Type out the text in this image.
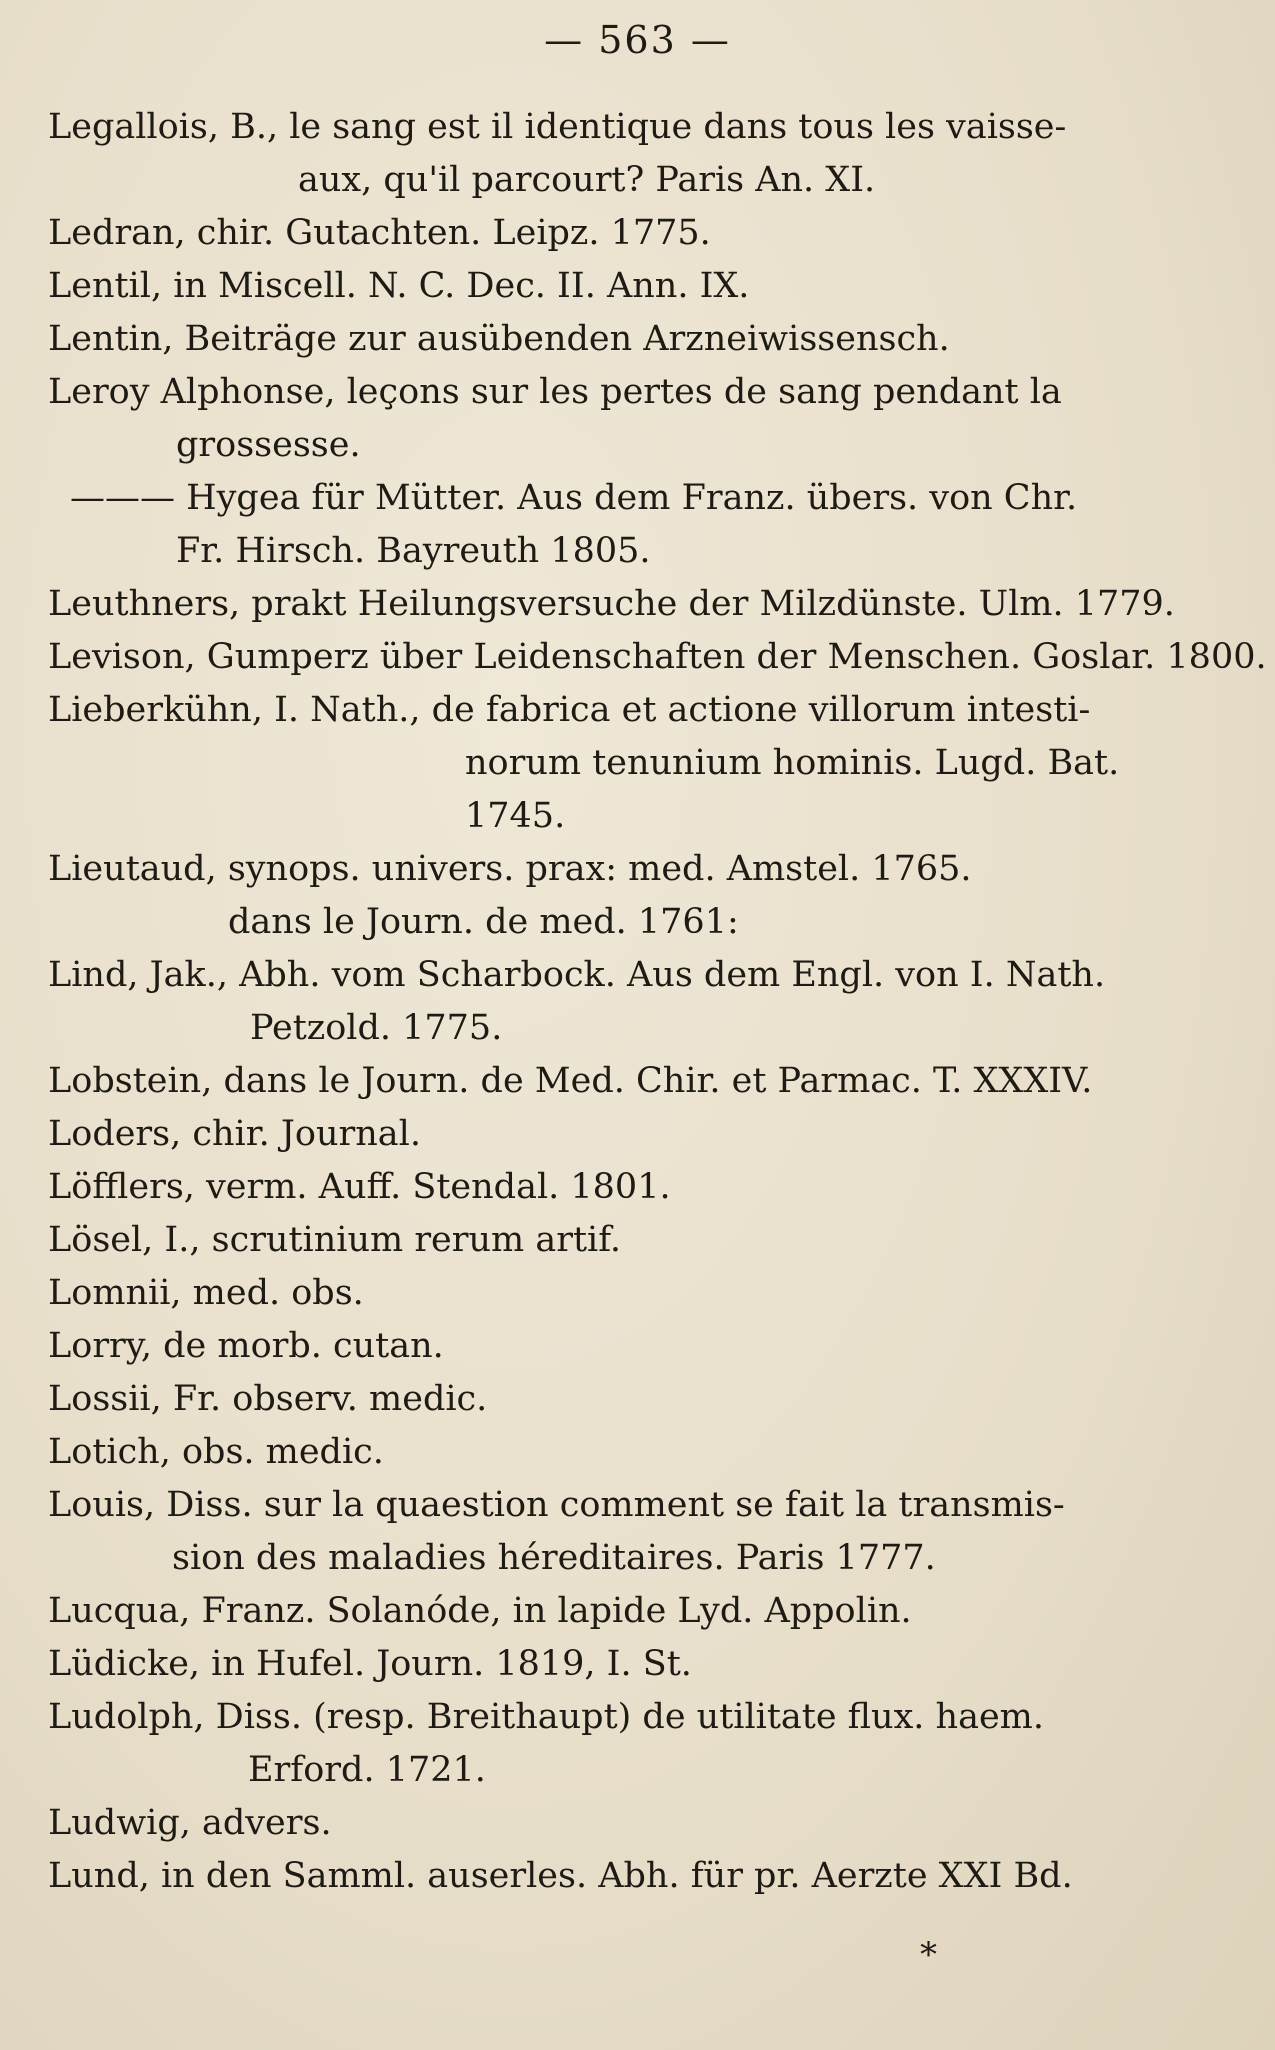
— 563 —
Legallois, B., le sang est il identique dans tous les vaisse-
aux, qu'il parcourt? Paris An. XI.
Ledran, chir. Gutachten. Leipz. 1775.
Lentil, in Miscell. N. C. Dec. II. Ann. IX.
Lentin, Beiträge zur ausübenden Arzneiwissensch.
Leroy Alphonse, leçons sur les pertes de sang pendant la
grossesse.
——— Hygea für Mütter. Aus dem Franz. übers. von Chr.
Fr. Hirsch. Bayreuth 1805.
Leuthners, prakt Heilungsversuche der Milzdünste. Ulm. 1779.
Levison, Gumperz über Leidenschaften der Menschen. Goslar. 1800.
Lieberkühn, I. Nath., de fabrica et actione villorum intesti-
norum tenunium hominis. Lugd. Bat.
1745.
Lieutaud, synops. univers. prax: med. Amstel. 1765.
dans le Journ. de med. 1761:
Lind, Jak., Abh. vom Scharbock. Aus dem Engl. von I. Nath.
Petzold. 1775.
Lobstein, dans le Journ. de Med. Chir. et Parmac. T. XXXIV.
Loders, chir. Journal.
Löfflers, verm. Auff. Stendal. 1801.
Lösel, I., scrutinium rerum artif.
Lomnii, med. obs.
Lorry, de morb. cutan.
Lossii, Fr. observ. medic.
Lotich, obs. medic.
Louis, Diss. sur la quaestion comment se fait la transmis-
sion des maladies héreditaires. Paris 1777.
Lucqua, Franz. Solanóde, in lapide Lyd. Appolin.
Lüdicke, in Hufel. Journ. 1819, I. St.
Ludolph, Diss. (resp. Breithaupt) de utilitate flux. haem.
Erford. 1721.
Ludwig, advers.
Lund, in den Samml. auserles. Abh. für pr. Aerzte XXI Bd.
*
